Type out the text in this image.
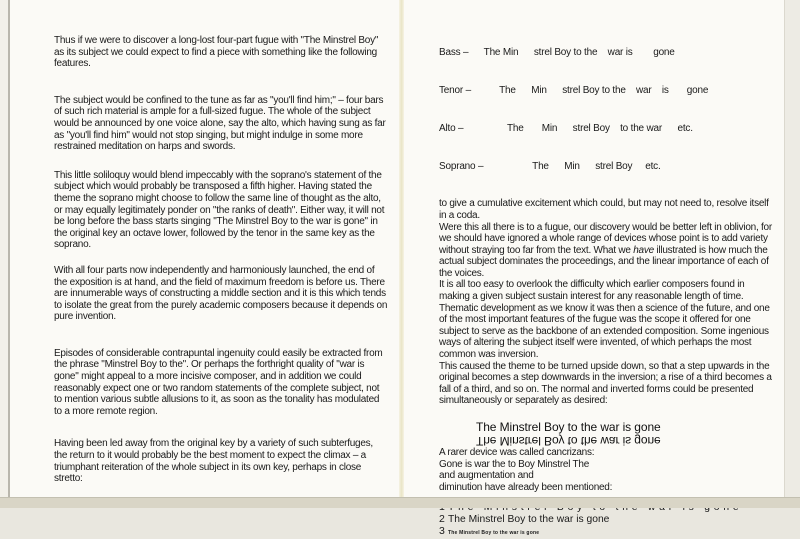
Thus if we were to discover a long-lost four-part fugue with "The Minstrel Boy" as its subject we could expect to find a piece with something like the following features.

The subject would be confined to the tune as far as "you'll find him;" – four bars of such rich material is ample for a full-sized fugue. The whole of the subject would be announced by one voice alone, say the alto, which having sung as far as "you'll find him" would not stop singing, but might indulge in some more restrained meditation on harps and swords.

This little soliloquy would blend impeccably with the soprano's statement of the subject which would probably be transposed a fifth higher. Having stated the theme the soprano might choose to follow the same line of thought as the alto, or may equally legitimately ponder on "the ranks of death". Either way, it will not be long before the bass starts singing "The Minstrel Boy to the war is gone" in the original key an octave lower, followed by the tenor in the same key as the soprano.

With all four parts now independently and harmoniously launched, the end of the exposition is at hand, and the field of maximum freedom is before us. There are innumerable ways of constructing a middle section and it is this which tends to isolate the great from the purely academic composers because it depends on pure invention.

Episodes of considerable contrapuntal ingenuity could easily be extracted from the phrase "Minstrel Boy to the". Or perhaps the forthright quality of "war is gone" might appeal to a more incisive composer, and in addition we could reasonably expect one or two random statements of the complete subject, not to mention various subtle allusions to it, as soon as the tonality has modulated to a more remote region.

Having been led away from the original key by a variety of such subterfuges, the return to it would probably be the best moment to expect the climax – a triumphant reiteration of the whole subject in its own key, perhaps in close stretto:

Bass –      The Min      strel Boy to the    war is        gone

Tenor –           The      Min      strel Boy to the    war    is       gone

Alto –                 The       Min      strel Boy    to the war      etc.

Soprano –                   The      Min      strel Boy     etc.

to give a cumulative excitement which could, but may not need to, resolve itself in a coda.

Were this all there is to a fugue, our discovery would be better left in oblivion, for we should have ignored a whole range of devices whose point is to add variety without straying too far from the text. What we have illustrated is how much the actual subject dominates the proceedings, and the linear importance of each of the voices.

It is all too easy to overlook the difficulty which earlier composers found in making a given subject sustain interest for any reasonable length of time. Thematic development as we know it was then a science of the future, and one of the most important features of the fugue was the scope it offered for one subject to serve as the backbone of an extended composition. Some ingenious ways of altering the subject itself were invented, of which perhaps the most common was inversion.

This caused the theme to be turned upside down, so that a step upwards in the original becomes a step downwards in the inversion; a rise of a third becomes a fall of a third, and so on. The normal and inverted forms could be presented simultaneously or separately as desired:

The Minstrel Boy to the war is gone
The Minstrel Boy to the war is gone

A rarer device was called cancrizans:

Gone is war the to Boy Minstrel The

and augmentation and

diminution have already been mentioned:

2 The Minstrel Boy to the war is gone
3 The Minstrel Boy to the war is gone
